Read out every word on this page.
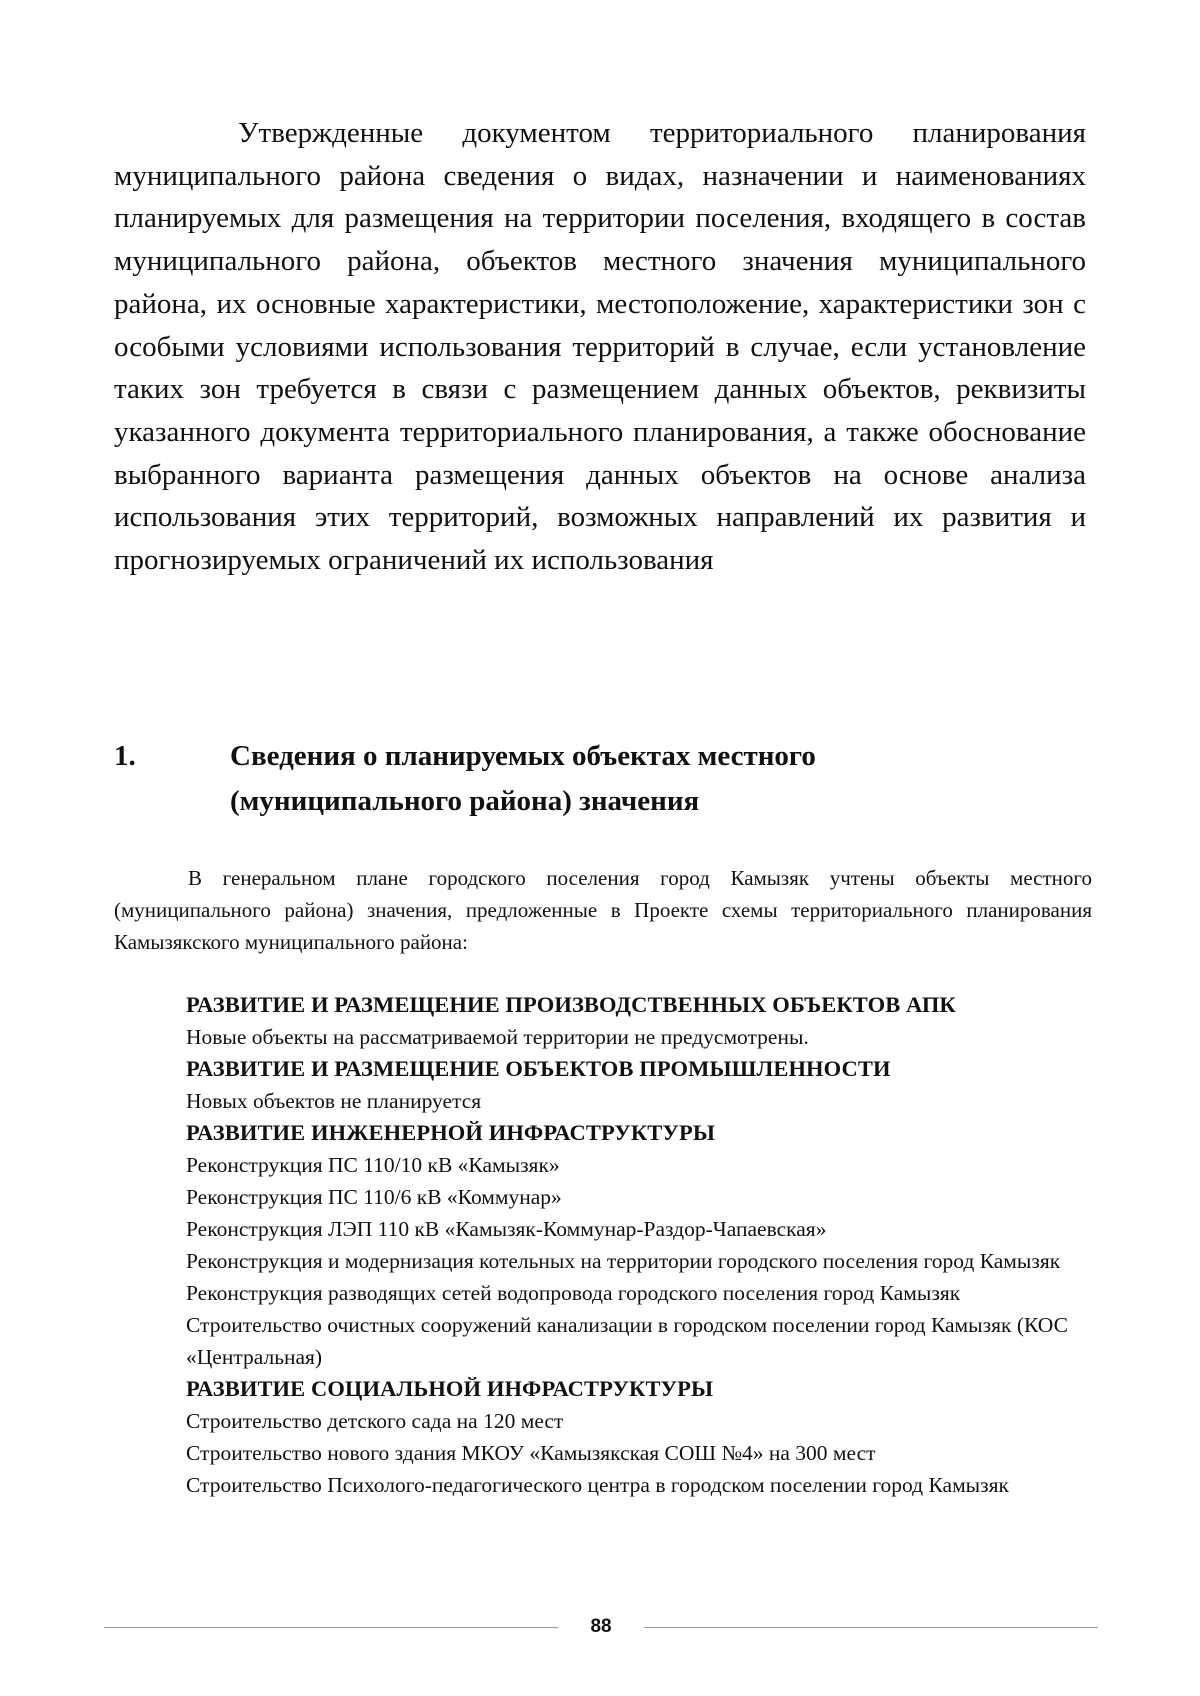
Утвержденные документом территориального планирования муниципального района сведения о видах, назначении и наименованиях планируемых для размещения на территории поселения, входящего в состав муниципального района, объектов местного значения муниципального района, их основные характеристики, местоположение, характеристики зон с особыми условиями использования территорий в случае, если установление таких зон требуется в связи с размещением данных объектов, реквизиты указанного документа территориального планирования, а также обоснование выбранного варианта размещения данных объектов на основе анализа использования этих территорий, возможных направлений их развития и прогнозируемых ограничений их использования

1.	Сведения о планируемых объектах местного
(муниципального района) значения

В генеральном плане городского поселения город Камызяк учтены объекты местного (муниципального района) значения, предложенные в Проекте схемы территориального планирования Камызякского муниципального района:

РАЗВИТИЕ И РАЗМЕЩЕНИЕ ПРОИЗВОДСТВЕННЫХ ОБЪЕКТОВ АПК
Новые объекты на рассматриваемой территории не предусмотрены.
РАЗВИТИЕ И РАЗМЕЩЕНИЕ ОБЪЕКТОВ ПРОМЫШЛЕННОСТИ
Новых объектов не планируется
РАЗВИТИЕ ИНЖЕНЕРНОЙ ИНФРАСТРУКТУРЫ
Реконструкция ПС 110/10 кВ «Камызяк»
Реконструкция ПС 110/6 кВ «Коммунар»
Реконструкция ЛЭП 110 кВ «Камызяк-Коммунар-Раздор-Чапаевская»
Реконструкция и модернизация котельных на территории городского поселения город Камызяк
Реконструкция разводящих сетей водопровода городского поселения город Камызяк
Строительство очистных сооружений канализации в городском поселении город Камызяк (КОС «Центральная)
РАЗВИТИЕ СОЦИАЛЬНОЙ ИНФРАСТРУКТУРЫ
Строительство детского сада на 120 мест
Строительство нового здания МКОУ «Камызякская СОШ №4» на 300 мест
Строительство Психолого-педагогического центра в городском поселении город Камызяк
88
